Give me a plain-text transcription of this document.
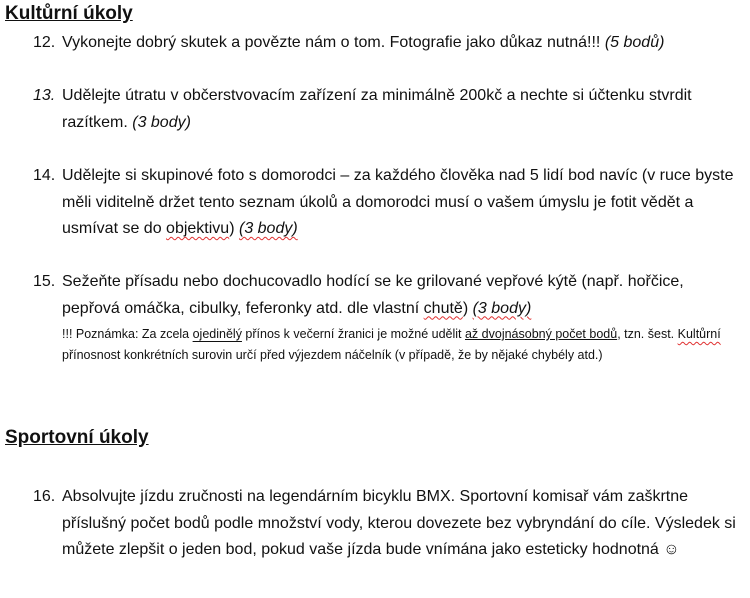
Kultůrní úkoly
12. Vykonejte dobrý skutek a povězte nám o tom. Fotografie jako důkaz nutná!!! (5 bodů)
13. Udělejte útratu v občerstvovacím zařízení za minimálně 200kč a nechte si účtenku stvrdit razítkem. (3 body)
14. Udělejte si skupinové foto s domorodci – za každého člověka nad 5 lidí bod navíc (v ruce byste měli viditelně držet tento seznam úkolů a domorodci musí o vašem úmyslu je fotit vědět a usmívat se do objektivu) (3 body)
15. Sežeňte přísadu nebo dochucovadlo hodící se ke grilované vepřové kýtě (např. hořčice, pepřová omáčka, cibulky, feferonky atd. dle vlastní chutě) (3 body)
!!! Poznámka: Za zcela ojedinělý přínos k večerní žranici je možné udělit až dvojnásobný počet bodů, tzn. šest. Kultůrní přínosnost konkrétních surovin určí před výjezdem náčelník (v případě, že by nějaké chybély atd.)
Sportovní úkoly
16. Absolvujte jízdu zručnosti na legendárním bicyklu BMX. Sportovní komisař vám zaškrtne příslušný počet bodů podle množství vody, kterou dovezete bez vybryndání do cíle. Výsledek si můžete zlepšit o jeden bod, pokud vaše jízda bude vnímána jako esteticky hodnotná ☺
